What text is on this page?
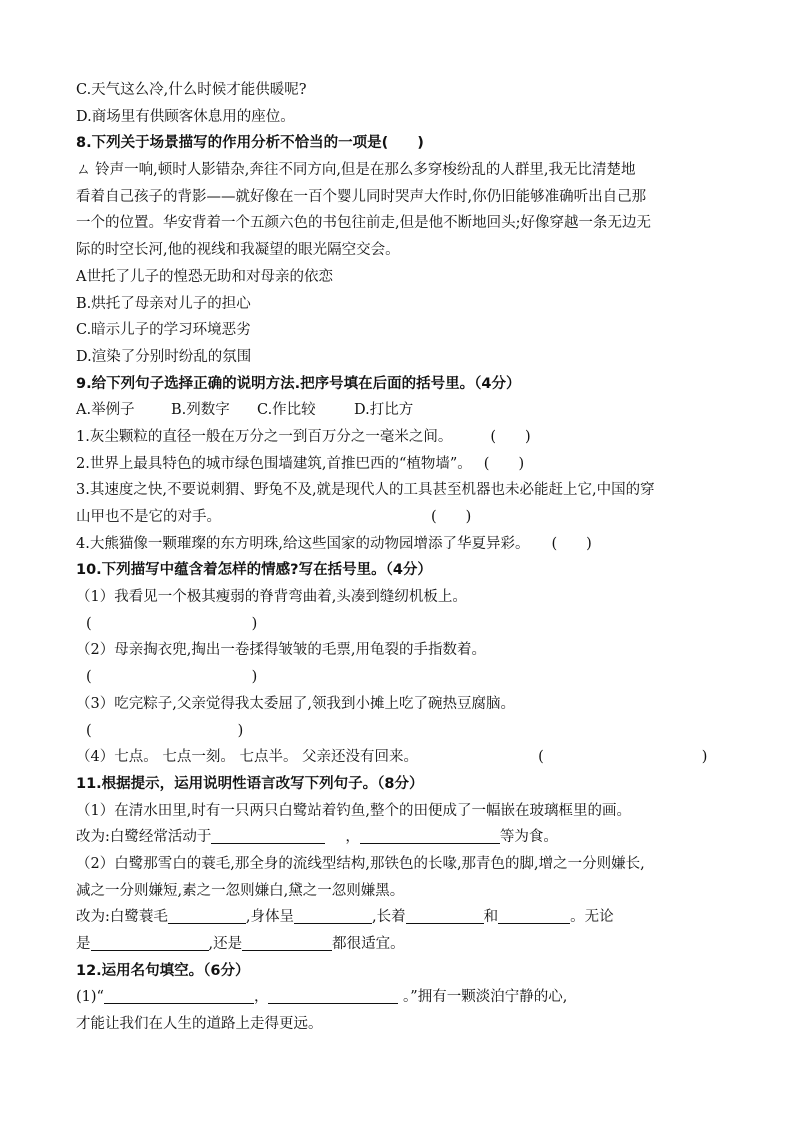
C.天气这么冷,什么时候才能供暖呢?
D.商场里有供顾客休息用的座位。
8.下列关于场景描写的作用分析不恰当的一项是(　　)
ㄙ 铃声一响,顿时人影错杂,奔往不同方向,但是在那么多穿梭纷乱的人群里,我无比清楚地
看着自己孩子的背影——就好像在一百个婴儿同时哭声大作时,你仍旧能够准确听出自己那
一个的位置。华安背着一个五颜六色的书包往前走,但是他不断地回头;好像穿越一条无边无
际的时空长河,他的视线和我凝望的眼光隔空交会。
A世托了儿子的惶恐无助和对母亲的依恋
B.烘托了母亲对儿子的担心
C.暗示儿子的学习环境恶劣
D.渲染了分别时纷乱的氛围
9.给下列句子选择正确的说明方法.把序号填在后面的括号里。（4分）
A.举例子	B.列数字 C.作比较	D.打比方
1.灰尘颗粒的直径一般在万分之一到百万分之一毫米之间。	(　　)
2.世界上最具特色的城市绿色围墙建筑,首推巴西的“植物墙”。 (　　)
3.其速度之快,不要说刺猬、野兔不及,就是现代人的工具甚至机器也未必能赶上它,中国的穿
山甲也不是它的对手。	(　　)
4.大熊猫像一颗璀璨的东方明珠,给这些国家的动物园增添了华夏异彩。 (　　)
10.下列描写中蕴含着怎样的情感?写在括号里。（4分）
（1）我看见一个极其瘦弱的脊背弯曲着,头凑到缝纫机板上。
(	)
（2）母亲掏衣兜,掏出一卷揉得皱皱的毛票,用龟裂的手指数着。
(	)
（3）吃完粽子,父亲觉得我太委屈了,领我到小摊上吃了碗热豆腐脑。
(	)
（4）七点。 七点一刻。 七点半。 父亲还没有回来。	(	)
11.根据提示，运用说明性语言改写下列句子。（8分）
（1）在清水田里,时有一只两只白鹭站着钓鱼,整个的田便成了一幅嵌在玻璃框里的画。
改为:白鹭经常活动于	，	等为食。
（2）白鹭那雪白的蓑毛,那全身的流线型结构,那铁色的长喙,那青色的脚,增之一分则嫌长,
减之一分则嫌短,素之一忽则嫌白,黛之一忽则嫌黑。
改为:白鹭蓑毛	,身体呈	,长着	和	。无论
是	,还是	都很适宜。
12.运用名句填空。（6分）
(1)“	，	。”拥有一颗淡泊宁静的心,
才能让我们在人生的道路上走得更远。
